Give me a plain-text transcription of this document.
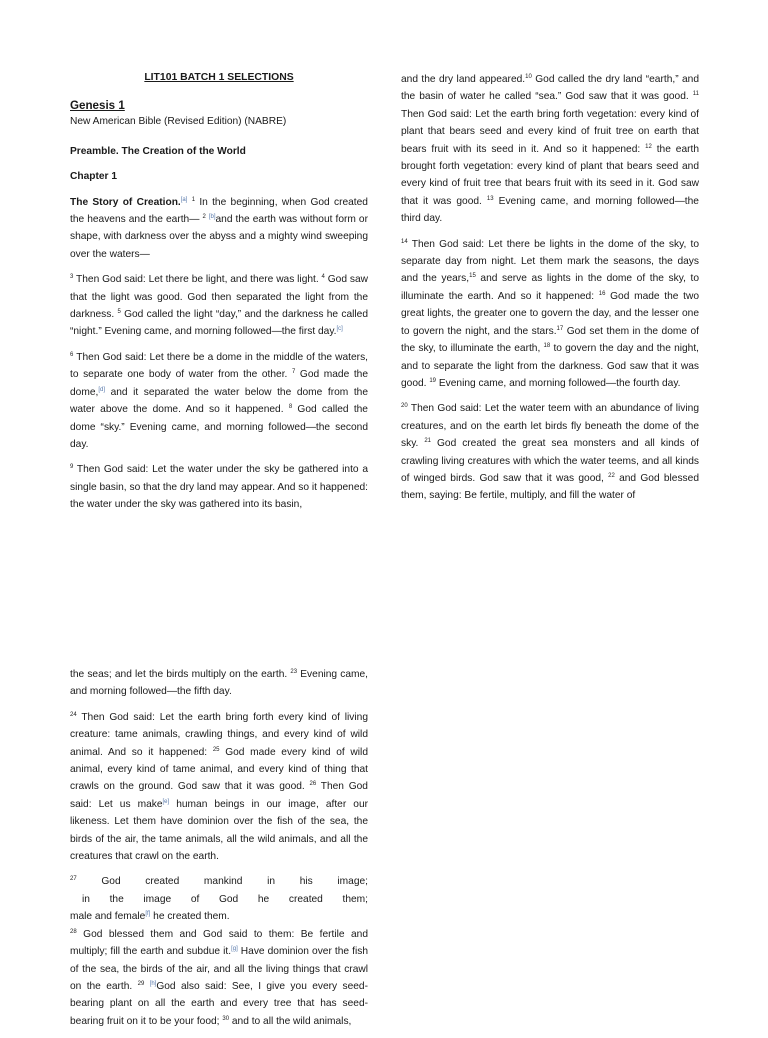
LIT101 BATCH 1 SELECTIONS
Genesis 1
New American Bible (Revised Edition) (NABRE)
Preamble. The Creation of the World
Chapter 1

The Story of Creation.[a] $^1$ In the beginning, when God created the heavens and the earth— $^2$ [b]and the earth was without form or shape, with darkness over the abyss and a mighty wind sweeping over the waters—

$^3$ Then God said: Let there be light, and there was light. $^4$ God saw that the light was good. God then separated the light from the darkness. $^5$ God called the light “day,” and the darkness he called “night.” Evening came, and morning followed—the first day.[c]

$^6$ Then God said: Let there be a dome in the middle of the waters, to separate one body of water from the other. $^7$ God made the dome,[d] and it separated the water below the dome from the water above the dome. And so it happened. $^8$ God called the dome “sky.” Evening came, and morning followed—the second day.

$^9$ Then God said: Let the water under the sky be gathered into a single basin, so that the dry land may appear. And so it happened: the water under the sky was gathered into its basin,

and the dry land appeared.$^{10}$ God called the dry land “earth,” and the basin of water he called “sea.” God saw that it was good. $^{11}$ Then God said: Let the earth bring forth vegetation: every kind of plant that bears seed and every kind of fruit tree on earth that bears fruit with its seed in it. And so it happened: $^{12}$ the earth brought forth vegetation: every kind of plant that bears seed and every kind of fruit tree that bears fruit with its seed in it. God saw that it was good. $^{13}$ Evening came, and morning followed—the third day.

$^{14}$ Then God said: Let there be lights in the dome of the sky, to separate day from night. Let them mark the seasons, the days and the years,$^{15}$ and serve as lights in the dome of the sky, to illuminate the earth. And so it happened: $^{16}$ God made the two great lights, the greater one to govern the day, and the lesser one to govern the night, and the stars.$^{17}$ God set them in the dome of the sky, to illuminate the earth, $^{18}$ to govern the day and the night, and to separate the light from the darkness. God saw that it was good. $^{19}$ Evening came, and morning followed—the fourth day.

$^{20}$ Then God said: Let the water teem with an abundance of living creatures, and on the earth let birds fly beneath the dome of the sky. $^{21}$ God created the great sea monsters and all kinds of crawling living creatures with which the water teems, and all kinds of winged birds. God saw that it was good, $^{22}$ and God blessed them, saying: Be fertile, multiply, and fill the water of

the seas; and let the birds multiply on the earth. $^{23}$ Evening came, and morning followed—the fifth day.

$^{24}$ Then God said: Let the earth bring forth every kind of living creature: tame animals, crawling things, and every kind of wild animal. And so it happened: $^{25}$ God made every kind of wild animal, every kind of tame animal, and every kind of thing that crawls on the ground. God saw that it was good. $^{26}$ Then God said: Let us make[e] human beings in our image, after our likeness. Let them have dominion over the fish of the sea, the birds of the air, the tame animals, all the wild animals, and all the creatures that crawl on the earth.

$^{27}$ God created mankind in his image;
in the image of God he created them;
male and female[f] he created them.

$^{28}$ God blessed them and God said to them: Be fertile and multiply; fill the earth and subdue it.[g] Have dominion over the fish of the sea, the birds of the air, and all the living things that crawl on the earth. $^{29}$ [h]God also said: See, I give you every seed-bearing plant on all the earth and every tree that has seed-bearing fruit on it to be your food; $^{30}$ and to all the wild animals,
